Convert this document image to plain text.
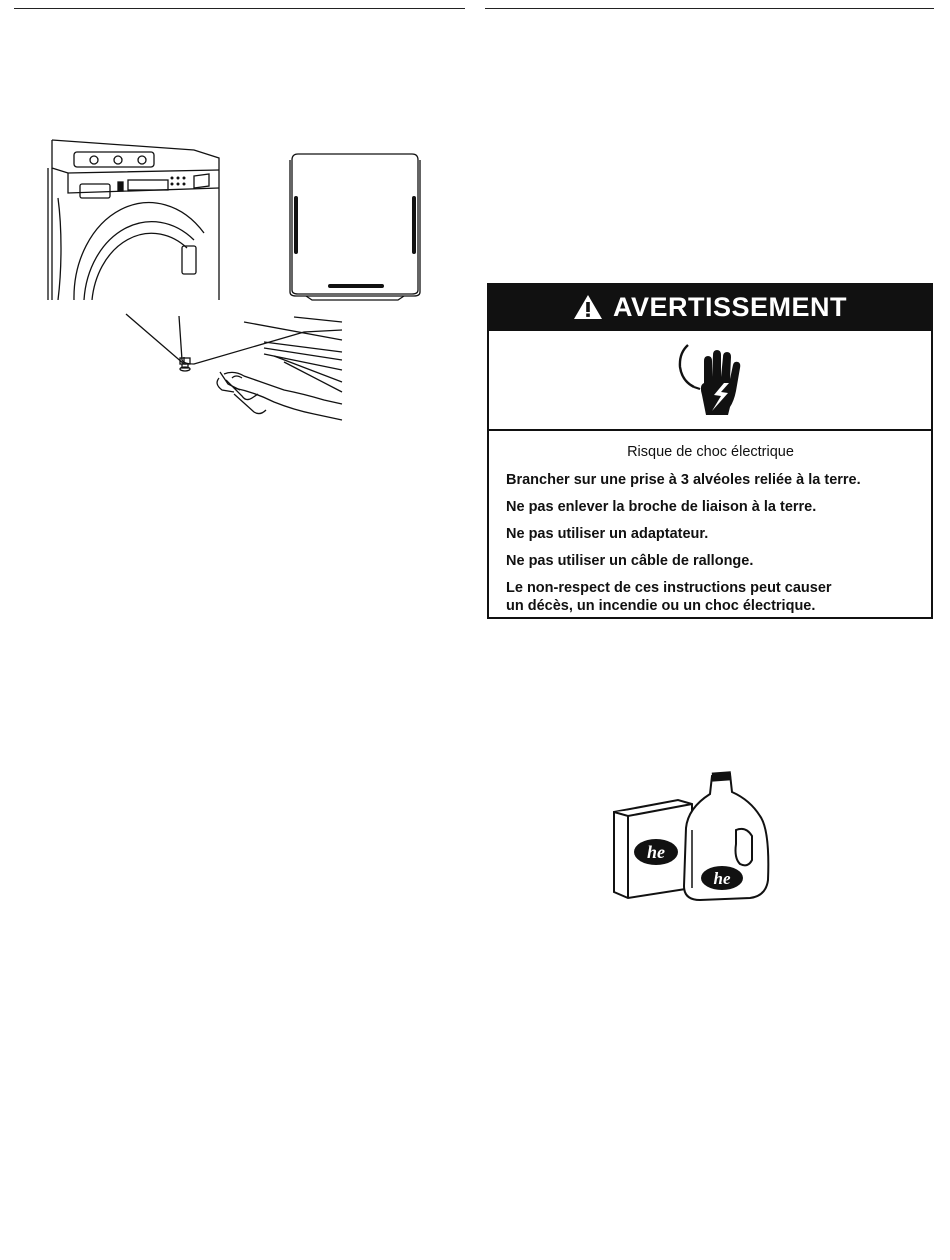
AVERTISSEMENT
Risque de choc électrique
Brancher sur une prise à 3 alvéoles reliée à la terre.
Ne pas enlever la broche de liaison à la terre.
Ne pas utiliser un adaptateur.
Ne pas utiliser un câble de rallonge.
Le non-respect de ces instructions peut causer
un décès, un incendie ou un choc électrique.
he
he
